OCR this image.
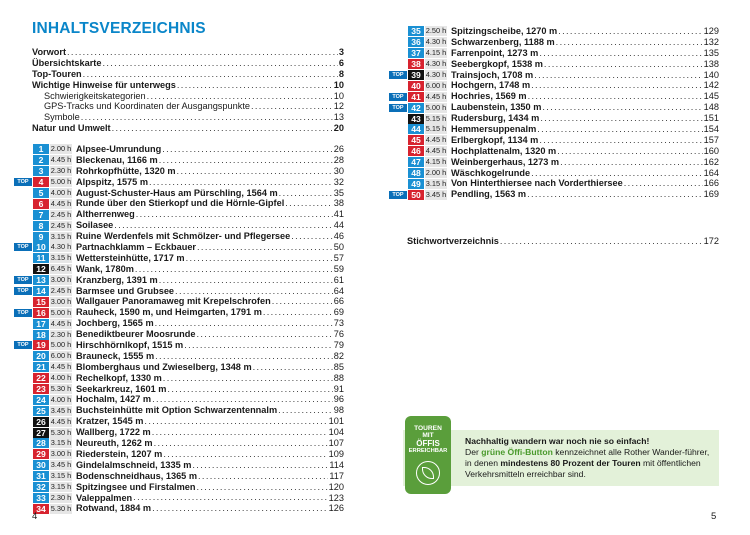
INHALTSVERZEICHNIS
Vorwort . . .	3
Übersichtskarte . . .	6
Top-Touren . . .	8
Wichtige Hinweise für unterwegs . . .	10
Schwierigkeitskategorien . . .	10
GPS-Tracks und Koordinaten der Ausgangspunkte . . .	12
Symbole . . .	13
Natur und Umwelt . . .	20
1 2.00 h Alpsee-Umrundung . . .	26
2 4.45 h Bleckenau, 1166 m . . .	28
3 2.30 h Rohrkopfhütte, 1320 m . . .	30
TOP	4 5.00 h Alpspitz, 1575 m . . .	32
5 4.00 h August-Schuster-Haus am Pürschling, 1564 m . . .	35
6 4.45 h Runde über den Stierkopf und die Hörnle-Gipfel . . .	38
7 2.45 h Altherrenweg . . .	41
8 2.45 h Soilasee . . .	44
9 3.15 h Ruine Werdenfels mit Schmölzer- und Pflegersee . . .	46
TOP 10 4.30 h Partnachklamm – Eckbauer . . .	50
11 3.15 h Wettersteinhütte, 1717 m . . .	57
12 6.45 h Wank, 1780m . . .	59
TOP 13 3.00 h Kranzberg, 1391 m . . .	61
TOP 14 2.45 h Barmsee und Grubsee . . .	64
15 3.00 h Wallgauer Panoramaweg mit Krepelschrofen . . .	66
TOP 16 5.00 h Rauheck, 1590 m, und Heimgarten, 1791 m . . .	69
17 4.45 h Jochberg, 1565 m . . .	73
18 2.30 h Benediktbeurer Moosrunde . . .	76
TOP 19 5.00 h Hirschhörnlkopf, 1515 m . . .	79
20 6.00 h Brauneck, 1555 m . . .	82
21 4.45 h Blomberghaus und Zwieselberg, 1348 m . . .	85
22 4.00 h Rechelkopf, 1330 m . . .	88
23 5.30 h Seekarkreuz, 1601 m . . .	91
24 4.00 h Hochalm, 1427 m . . .	96
25 3.45 h Buchsteinhütte mit Option Schwarzentennalm . . .	98
26 4.45 h Kratzer, 1545 m . . .	101
27 5.30 h Wallberg, 1722 m . . .	104
28 3.15 h Neureuth, 1262 m . . .	107
29 3.00 h Riederstein, 1207 m . . .	109
30 3.45 h Gindelalmschneid, 1335 m . . .	114
31 3.15 h Bodenschneidhaus, 1365 m . . .	117
32 3.15 h Spitzingsee und Firstalmen . . .	120
33 2.30 h Valeppalmen . . .	123
34 5.30 h Rotwand, 1884 m . . .	126
4
35 2.50 h Spitzingscheibe, 1270 m . . .	129
36 4.30 h Schwarzenberg, 1188 m . . .	132
37 4.15 h Farrenpoint, 1273 m . . .	135
38 4.30 h Seebergkopf, 1538 m . . .	138
TOP 39 4.30 h Trainsjoch, 1708 m . . .	140
40 6.00 h Hochgern, 1748 m . . .	142
TOP 41 4.45 h Hochries, 1569 m . . .	145
TOP 42 5.00 h Laubenstein, 1350 m . . .	148
43 5.15 h Rudersburg, 1434 m . . .	151
44 5.15 h Hemmersuppenalm . . .	154
45 4.45 h Erlbergkopf, 1134 m . . .	157
46 4.45 h Hochplattenalm, 1320 m . . .	160
47 4.15 h Weinbergerhaus, 1273 m . . .	162
48 2.00 h Wäschkogelrunde . . .	164
49 3.15 h Von Hinterthiersee nach Vorderthiersee . . .	166
TOP 50 3.45 h Pendling, 1563 m . . .	169
Stichwortverzeichnis . . .	172
TOUREN
MIT
ÖFFIS
ERREICHBAR
Nachhaltig wandern war noch nie so einfach!
Der grüne Öffi-Button kennzeichnet alle Rother Wander-führer, in denen mindestens 80 Prozent der Touren mit öffentlichen Verkehrsmitteln erreichbar sind.
5
